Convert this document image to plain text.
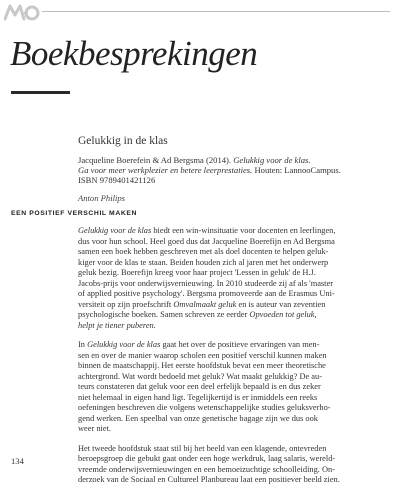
Boekbesprekingen
Gelukkig in de klas
Jacqueline Boerefein & Ad Bergsma (2014). Gelukkig voor de klas.
Ga voor meer werkplezier en betere leerprestaties. Houten: LannooCampus.
ISBN 9789401421126
Anton Philips
EEN POSITIEF VERSCHIL MAKEN
Gelukkig voor de klas biedt een win-winsituatie voor docenten en leerlingen,
dus voor hun school. Heel goed dus dat Jacqueline Boerefijn en Ad Bergsma
samen een boek hebben geschreven met als doel docenten te helpen geluk-
kiger voor de klas te staan. Beiden houden zich al jaren met het onderwerp
geluk bezig. Boerefijn kreeg voor haar project 'Lessen in geluk' de H.J.
Jacobs-prijs voor onderwijsvernieuwing. In 2010 studeerde zij af als 'master
of applied positive psychology'. Bergsma promoveerde aan de Erasmus Uni-
versiteit op zijn proefschrift Omvalmaakt geluk en is auteur van zeventien
psychologische boeken. Samen schreven ze eerder Opvoeden tot geluk,
helpt je tiener puberen.
In Gelukkig voor de klas gaat het over de positieve ervaringen van men-
sen en over de manier waarop scholen een positief verschil kunnen maken
binnen de maatschappij. Het eerste hoofdstuk bevat een meer theoretische
achtergrond. Wat wordt bedoeld met geluk? Wat maakt gelukkig? De au-
teurs constateren dat geluk voor een deel erfelijk bepaald is en dus zeker
niet helemaal in eigen hand ligt. Tegelijkertijd is er inmiddels een reeks
oefeningen beschreven die volgens wetenschappelijke studies geluksverho-
gend werken. Een speelbal van onze genetische bagage zijn we dus ook
weer niet.
Het tweede hoofdstuk staat stil bij het beeld van een klagende, ontevreden
beroepsgroep die gebukt gaat onder een hoge werkdruk, laag salaris, wereld-
vreemde onderwijsvernieuwingen en een bemoeizuchtige schoolleiding. On-
derzoek van de Sociaal en Cultureel Planbureau laat een positiever beeld zien.
134
